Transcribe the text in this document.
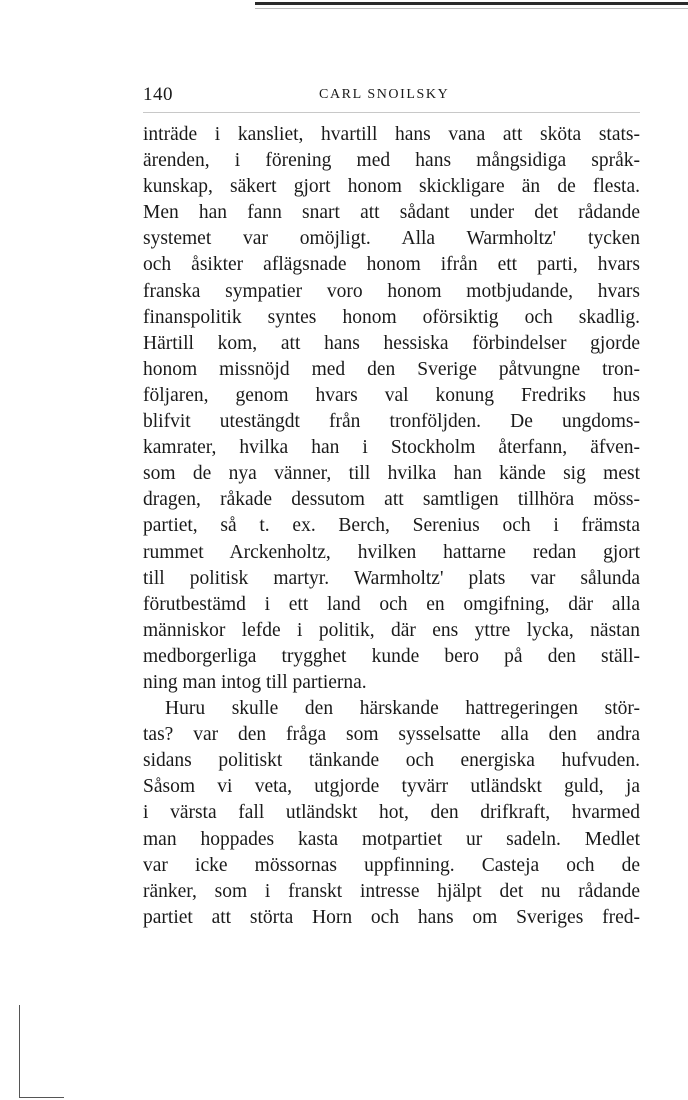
140	CARL SNOILSKY
inträde i kansliet, hvartill hans vana att sköta stats-
ärenden, i förening med hans mångsidiga språk-
kunskap, säkert gjort honom skickligare än de flesta.
Men han fann snart att sådant under det rådande
systemet var omöjligt. Alla Warmholtz' tycken
och åsikter aflägsnade honom ifrån ett parti, hvars
franska sympatier voro honom motbjudande, hvars
finanspolitik syntes honom oförsiktig och skadlig.
Härtill kom, att hans hessiska förbindelser gjorde
honom missnöjd med den Sverige påtvungne tron-
följaren, genom hvars val konung Fredriks hus
blifvit utestängdt från tronföljden. De ungdoms-
kamrater, hvilka han i Stockholm återfann, äfven-
som de nya vänner, till hvilka han kände sig mest
dragen, råkade dessutom att samtligen tillhöra möss-
partiet, så t. ex. Berch, Serenius och i främsta
rummet Arckenholtz, hvilken hattarne redan gjort
till politisk martyr. Warmholtz' plats var sålunda
förutbestämd i ett land och en omgifning, där alla
människor lefde i politik, där ens yttre lycka, nästan
medborgerliga trygghet kunde bero på den ställ-
ning man intog till partierna.
Huru skulle den härskande hattregeringen stör-
tas? var den fråga som sysselsatte alla den andra
sidans politiskt tänkande och energiska hufvuden.
Såsom vi veta, utgjorde tyvärr utländskt guld, ja
i värsta fall utländskt hot, den drifkraft, hvarmed
man hoppades kasta motpartiet ur sadeln. Medlet
var icke mössornas uppfinning. Casteja och de
ränker, som i franskt intresse hjälpt det nu rådande
partiet att störta Horn och hans om Sveriges fred-
